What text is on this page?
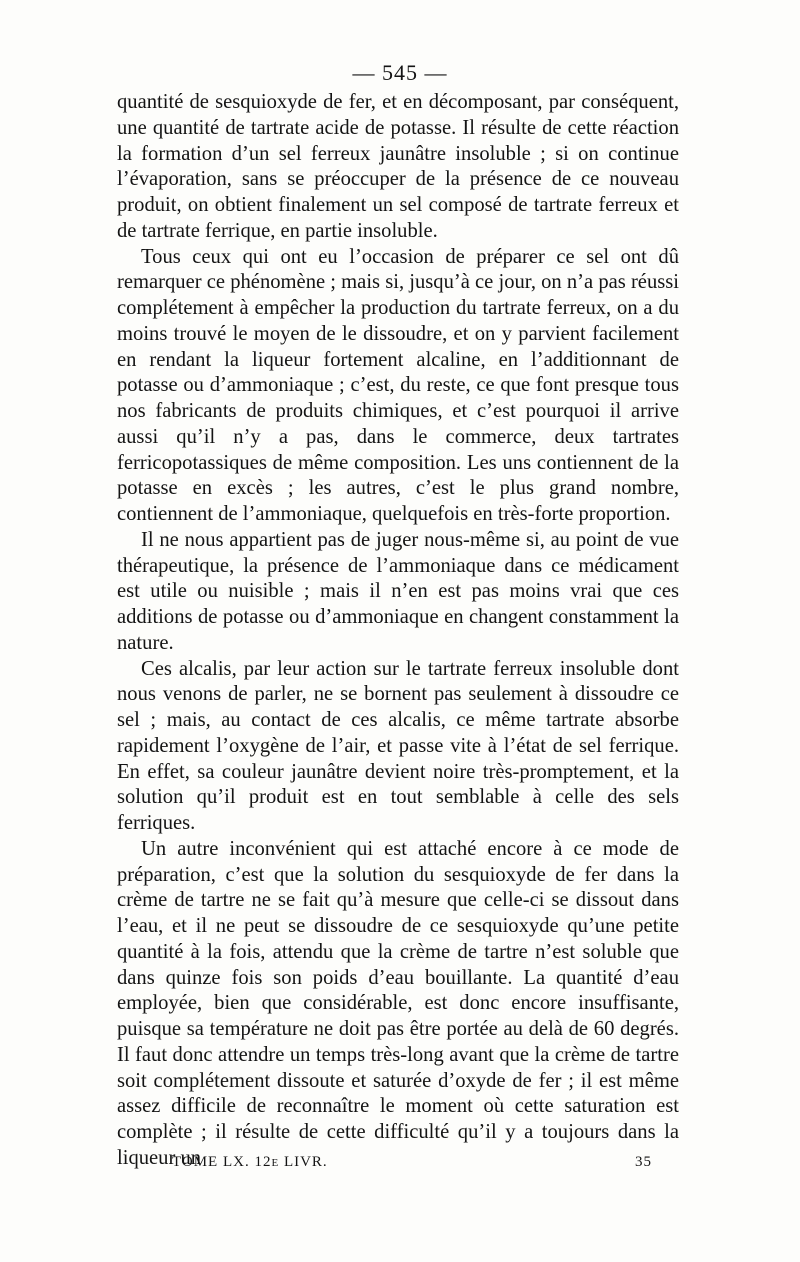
— 545 —

quantité de sesquioxyde de fer, et en décomposant, par conséquent, une quantité de tartrate acide de potasse. Il résulte de cette réaction la formation d’un sel ferreux jaunâtre insoluble ; si on continue l’évaporation, sans se préoccuper de la présence de ce nouveau produit, on obtient finalement un sel composé de tartrate ferreux et de tartrate ferrique, en partie insoluble.

Tous ceux qui ont eu l’occasion de préparer ce sel ont dû remarquer ce phénomène ; mais si, jusqu’à ce jour, on n’a pas réussi complétement à empêcher la production du tartrate ferreux, on a du moins trouvé le moyen de le dissoudre, et on y parvient facilement en rendant la liqueur fortement alcaline, en l’additionnant de potasse ou d’ammoniaque ; c’est, du reste, ce que font presque tous nos fabricants de produits chimiques, et c’est pourquoi il arrive aussi qu’il n’y a pas, dans le commerce, deux tartrates ferricopotassiques de même composition. Les uns contiennent de la potasse en excès ; les autres, c’est le plus grand nombre, contiennent de l’ammoniaque, quelquefois en très-forte proportion.

Il ne nous appartient pas de juger nous-même si, au point de vue thérapeutique, la présence de l’ammoniaque dans ce médicament est utile ou nuisible ; mais il n’en est pas moins vrai que ces additions de potasse ou d’ammoniaque en changent constamment la nature.

Ces alcalis, par leur action sur le tartrate ferreux insoluble dont nous venons de parler, ne se bornent pas seulement à dissoudre ce sel ; mais, au contact de ces alcalis, ce même tartrate absorbe rapidement l’oxygène de l’air, et passe vite à l’état de sel ferrique. En effet, sa couleur jaunâtre devient noire très-promptement, et la solution qu’il produit est en tout semblable à celle des sels ferriques.

Un autre inconvénient qui est attaché encore à ce mode de préparation, c’est que la solution du sesquioxyde de fer dans la crème de tartre ne se fait qu’à mesure que celle-ci se dissout dans l’eau, et il ne peut se dissoudre de ce sesquioxyde qu’une petite quantité à la fois, attendu que la crème de tartre n’est soluble que dans quinze fois son poids d’eau bouillante. La quantité d’eau employée, bien que considérable, est donc encore insuffisante, puisque sa température ne doit pas être portée au delà de 60 degrés. Il faut donc attendre un temps très-long avant que la crème de tartre soit complétement dissoute et saturée d’oxyde de fer ; il est même assez difficile de reconnaître le moment où cette saturation est complète ; il résulte de cette difficulté qu’il y a toujours dans la liqueur un

TOME LX. 12e LIVR.	35
